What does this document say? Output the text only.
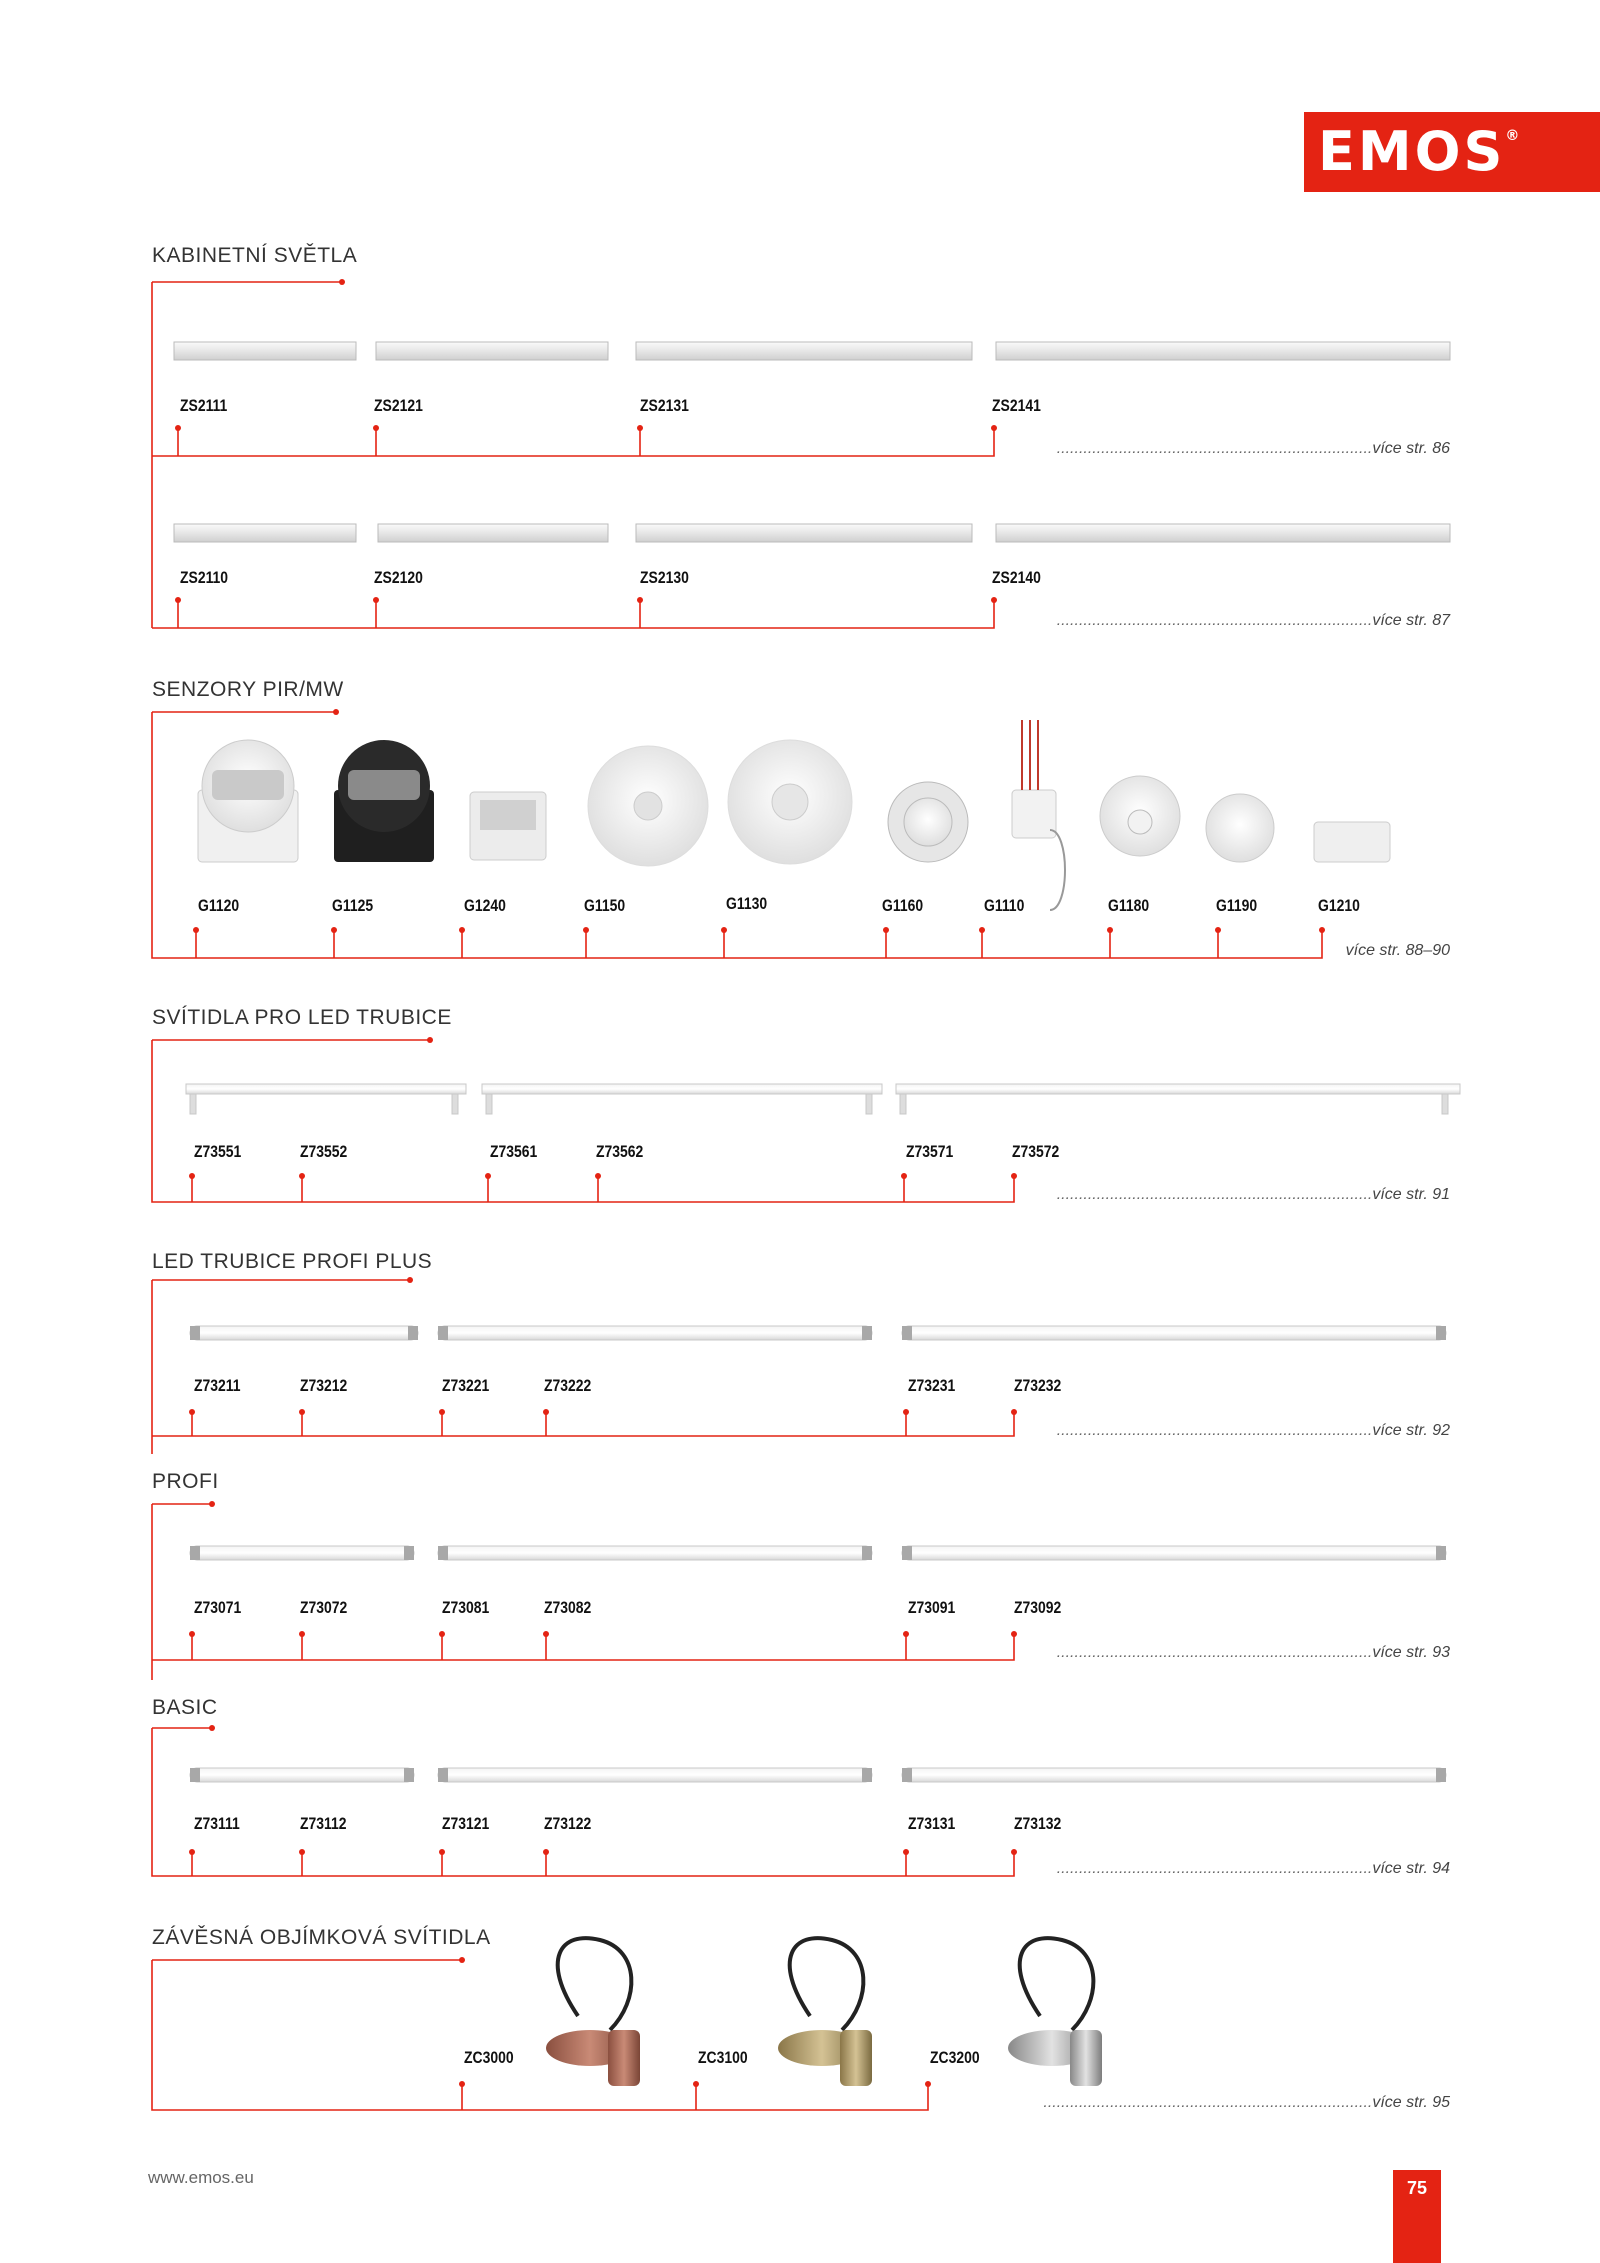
EMOS®
KABINETNÍ SVĚTLA
SENZORY PIR/MW
SVÍTIDLA PRO LED TRUBICE
LED TRUBICE PROFI PLUS
PROFI
BASIC
ZÁVĚSNÁ OBJÍMKOVÁ SVÍTIDLA
ZS2111	ZS2121	ZS2131	ZS2141
.......................................................................více str. 86
ZS2110	ZS2120	ZS2130	ZS2140
.......................................................................více str. 87
G1120	G1125	G1240	G1150	G1130	G1160	G1110	G1180	G1190	G1210
více str. 88–90
Z73551	Z73552	Z73561	Z73562	Z73571	Z73572
.......................................................................více str. 91
Z73211	Z73212	Z73221	Z73222	Z73231	Z73232
.......................................................................více str. 92
Z73071	Z73072	Z73081	Z73082	Z73091	Z73092
.......................................................................více str. 93
Z73111	Z73112	Z73121	Z73122	Z73131	Z73132
.......................................................................více str. 94
ZC3000	ZC3100	ZC3200
..........................................................................více str. 95
www.emos.eu
75
